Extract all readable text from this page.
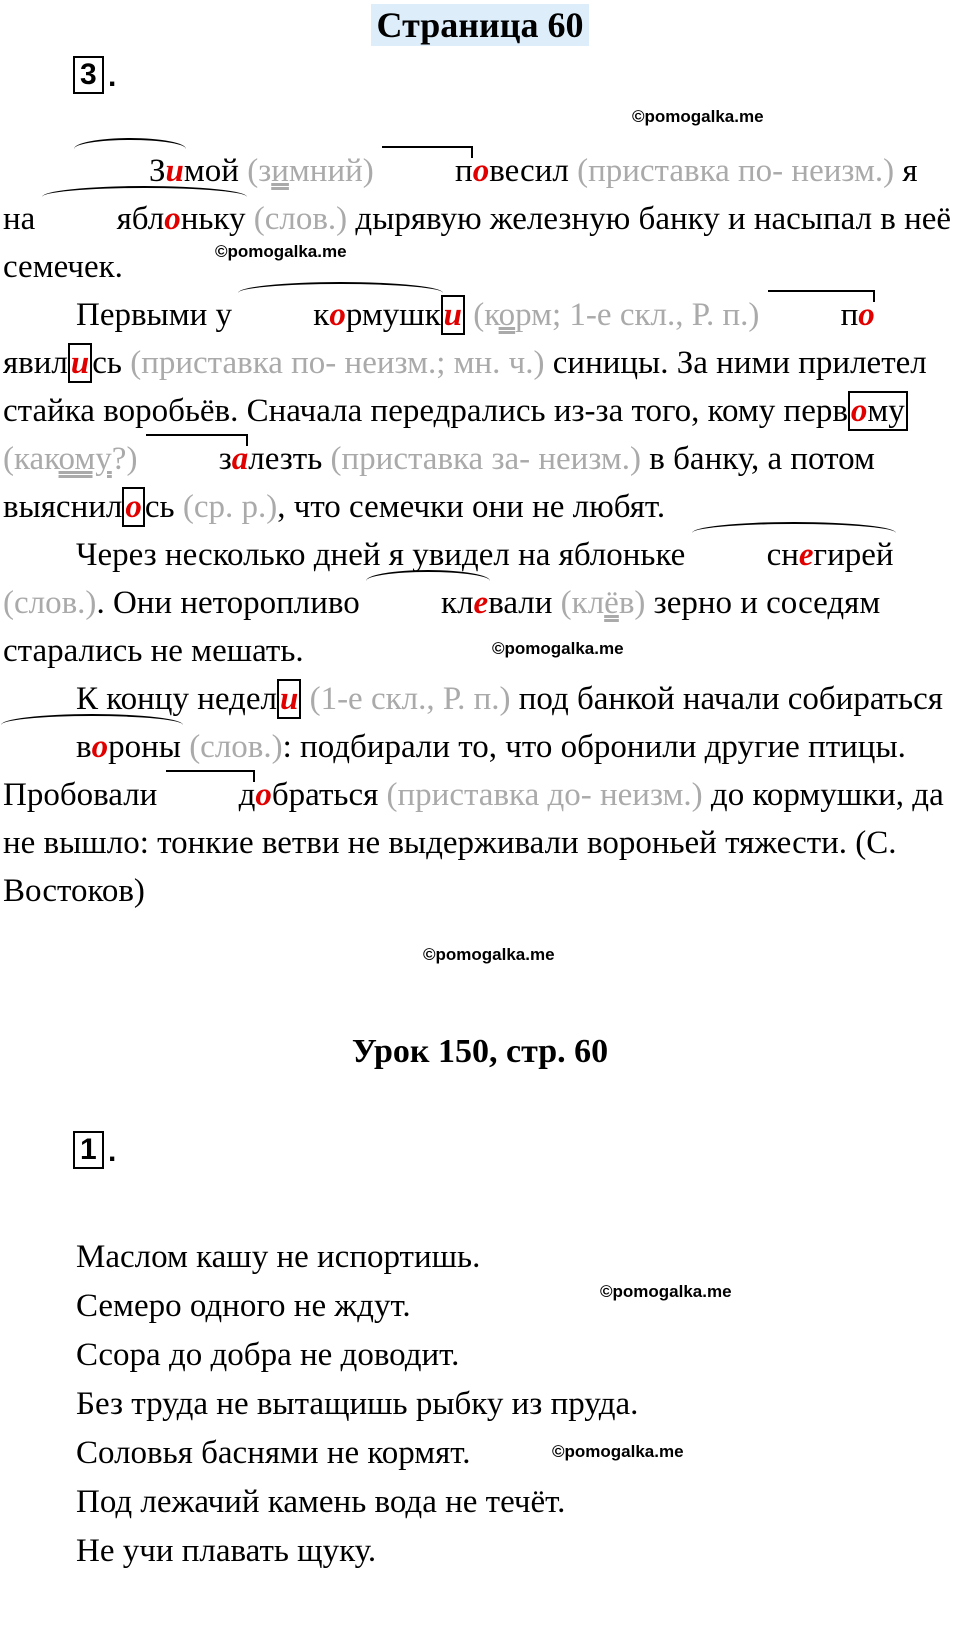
Страница 60
3 .
©pomogalka.me
©pomogalka.me
©pomogalka.me
©pomogalka.me
©pomogalka.me
©pomogalka.me

Зимой (зимний) повесил (приставка по- неизм.) я на яблоньку (слов.) дырявую железную банку и насыпал в неё семечек.

Первыми у кормушки (корм; 1-е скл., Р. п.) появились (приставка по- неизм.; мн. ч.) синицы. За ними прилетел стайка воробьёв. Сначала передрались из-за того, кому первому (какому?) залезть (приставка за- неизм.) в банку, а потом выяснилось (ср. р.), что семечки они не любят.

Через несколько дней я увидел на яблоньке снегирей (слов.). Они неторопливо клевали (клёв) зерно и соседям старались не мешать.

К концу недели (1-е скл., Р. п.) под банкой начали собираться вороны (слов.): подбирали то, что обронили другие птицы. Пробовали добраться (приставка до- неизм.) до кормушки, да не вышло: тонкие ветви не выдерживали вороньей тяжести. (С. Востоков)

Урок 150, стр. 60
1 .
Маслом кашу не испортишь.
Семеро одного не ждут.
Ссора до добра не доводит.
Без труда не вытащишь рыбку из пруда.
Соловья баснями не кормят.
Под лежачий камень вода не течёт.
Не учи плавать щуку.
